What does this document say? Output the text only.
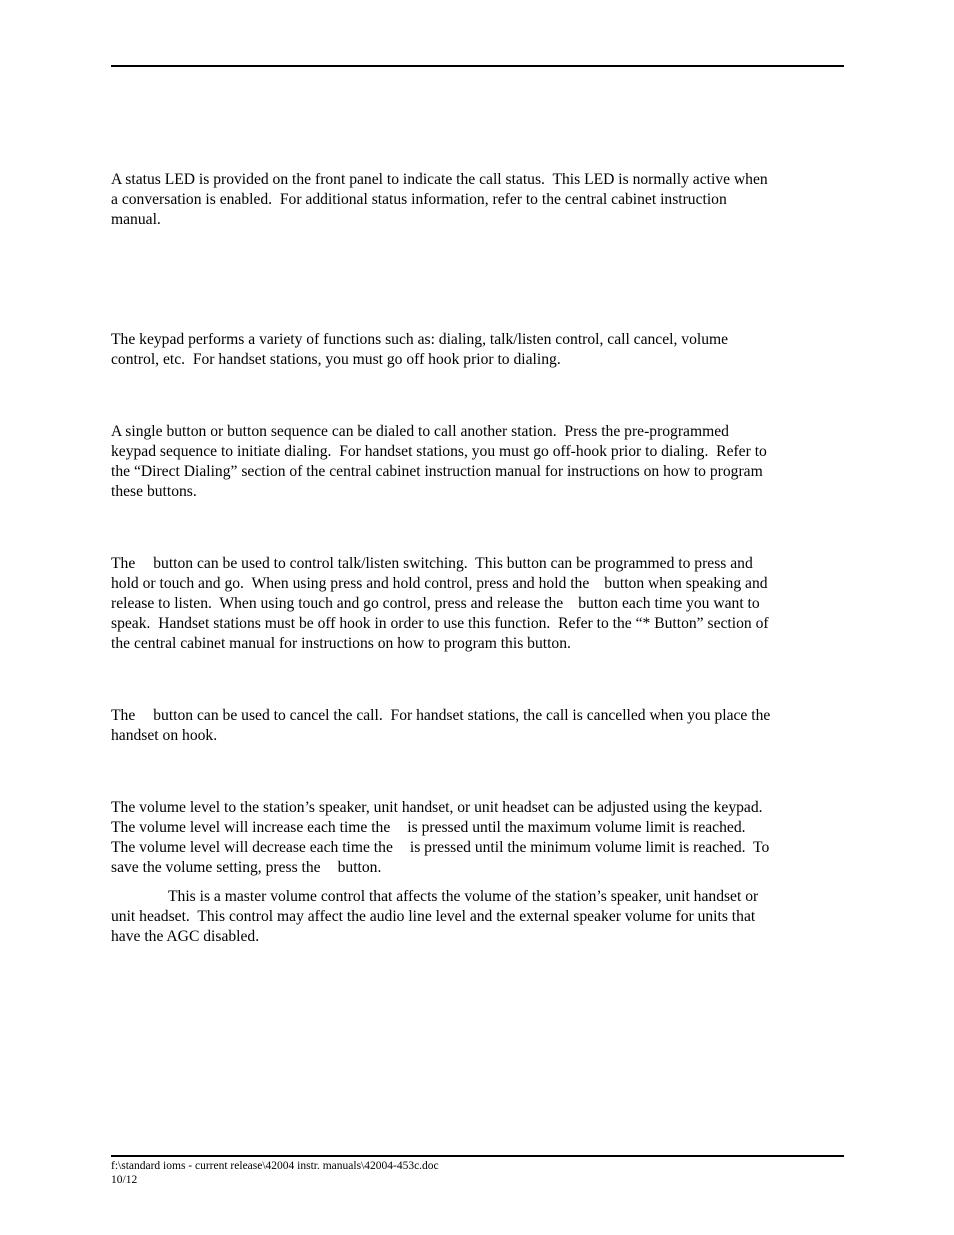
A status LED is provided on the front panel to indicate the call status.  This LED is normally active when
a conversation is enabled.  For additional status information, refer to the central cabinet instruction
manual.

The keypad performs a variety of functions such as: dialing, talk/listen control, call cancel, volume
control, etc.  For handset stations, you must go off hook prior to dialing.

A single button or button sequence can be dialed to call another station.  Press the pre-programmed
keypad sequence to initiate dialing.  For handset stations, you must go off-hook prior to dialing.  Refer to
the “Direct Dialing” section of the central cabinet instruction manual for instructions on how to program
these buttons.

The button can be used to control talk/listen switching.  This button can be programmed to press and
hold or touch and go.  When using press and hold control, press and hold the button when speaking and
release to listen.  When using touch and go control, press and release the button each time you want to
speak.  Handset stations must be off hook in order to use this function.  Refer to the “* Button” section of
the central cabinet manual for instructions on how to program this button.

The button can be used to cancel the call.  For handset stations, the call is cancelled when you place the
handset on hook.

The volume level to the station’s speaker, unit handset, or unit headset can be adjusted using the keypad.
The volume level will increase each time the is pressed until the maximum volume limit is reached.
The volume level will decrease each time the is pressed until the minimum volume limit is reached.  To
save the volume setting, press the button.

This is a master volume control that affects the volume of the station’s speaker, unit handset or
unit headset.  This control may affect the audio line level and the external speaker volume for units that
have the AGC disabled.

f:\standard ioms - current release\42004 instr. manuals\42004-453c.doc
10/12
